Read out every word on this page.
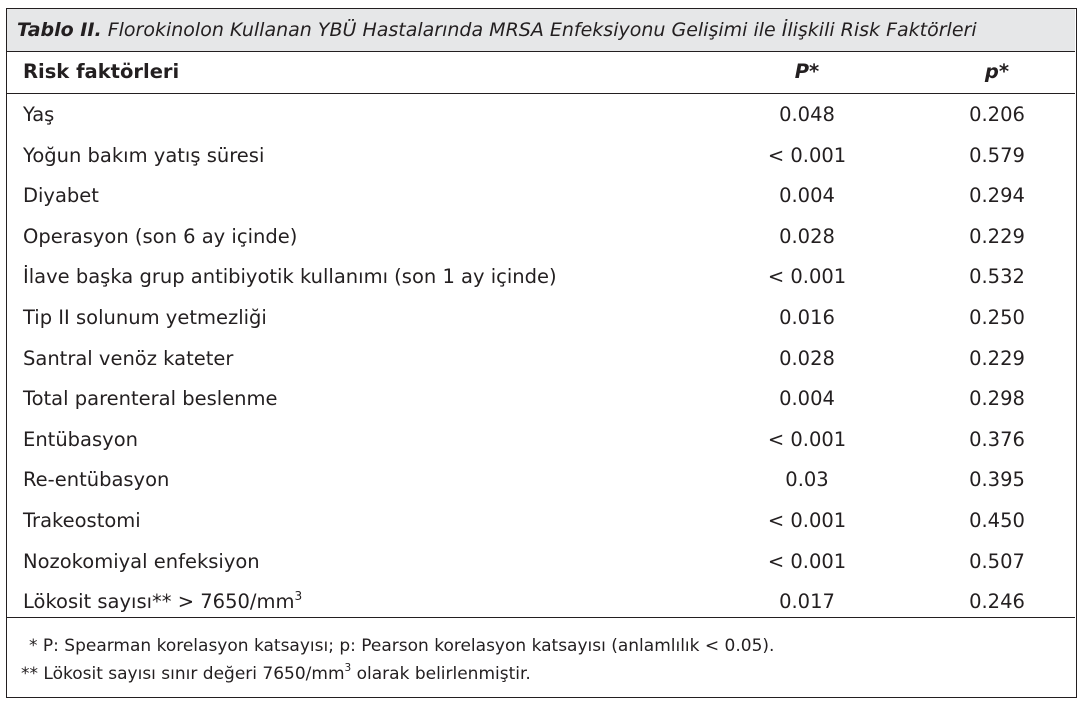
Tablo II. Florokinolon Kullanan YBÜ Hastalarında MRSA Enfeksiyonu Gelişimi ile İlişkili Risk Faktörleri
Risk faktörleri	P*	p*
Yaş	0.048	0.206
Yoğun bakım yatış süresi	< 0.001	0.579
Diyabet	0.004	0.294
Operasyon (son 6 ay içinde)	0.028	0.229
İlave başka grup antibiyotik kullanımı (son 1 ay içinde)	< 0.001	0.532
Tip II solunum yetmezliği	0.016	0.250
Santral venöz kateter	0.028	0.229
Total parenteral beslenme	0.004	0.298
Entübasyon	< 0.001	0.376
Re-entübasyon	0.03	0.395
Trakeostomi	< 0.001	0.450
Nozokomiyal enfeksiyon	< 0.001	0.507
Lökosit sayısı** > $7650/mm^3$	0.017	0.246
* P: Spearman korelasyon katsayısı; p: Pearson korelasyon katsayısı (anlamlılık < 0.05).
** Lökosit sayısı sınır değeri $7650/mm^3$ olarak belirlenmiştir.
